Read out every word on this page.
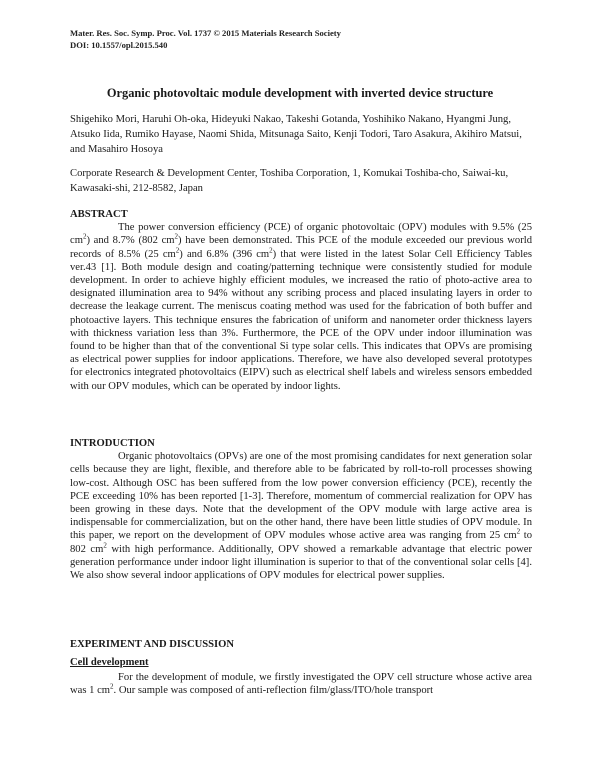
Mater. Res. Soc. Symp. Proc. Vol. 1737 © 2015 Materials Research Society
DOI: 10.1557/opl.2015.540
Organic photovoltaic module development with inverted device structure
Shigehiko Mori, Haruhi Oh-oka, Hideyuki Nakao, Takeshi Gotanda, Yoshihiko Nakano, Hyangmi Jung, Atsuko Iida, Rumiko Hayase, Naomi Shida, Mitsunaga Saito, Kenji Todori, Taro Asakura, Akihiro Matsui, and Masahiro Hosoya
Corporate Research & Development Center, Toshiba Corporation, 1, Komukai Toshiba-cho, Saiwai-ku, Kawasaki-shi, 212-8582, Japan
ABSTRACT
The power conversion efficiency (PCE) of organic photovoltaic (OPV) modules with 9.5% (25 $cm^2$) and 8.7% (802 $cm^2$) have been demonstrated. This PCE of the module exceeded our previous world records of 8.5% (25 $cm^2$) and 6.8% (396 $cm^2$) that were listed in the latest Solar Cell Efficiency Tables ver.43 [1]. Both module design and coating/patterning technique were consistently studied for module development. In order to achieve highly efficient modules, we increased the ratio of photo-active area to designated illumination area to 94% without any scribing process and placed insulating layers in order to decrease the leakage current. The meniscus coating method was used for the fabrication of both buffer and photoactive layers. This technique ensures the fabrication of uniform and nanometer order thickness layers with thickness variation less than 3%. Furthermore, the PCE of the OPV under indoor illumination was found to be higher than that of the conventional Si type solar cells. This indicates that OPVs are promising as electrical power supplies for indoor applications. Therefore, we have also developed several prototypes for electronics integrated photovoltaics (EIPV) such as electrical shelf labels and wireless sensors embedded with our OPV modules, which can be operated by indoor lights.
INTRODUCTION
Organic photovoltaics (OPVs) are one of the most promising candidates for next generation solar cells because they are light, flexible, and therefore able to be fabricated by roll-to-roll processes showing low-cost. Although OSC has been suffered from the low power conversion efficiency (PCE), recently the PCE exceeding 10% has been reported [1-3]. Therefore, momentum of commercial realization for OPV has been growing in these days. Note that the development of the OPV module with large active area is indispensable for commercialization, but on the other hand, there have been little studies of OPV module. In this paper, we report on the development of OPV modules whose active area was ranging from 25 $cm^2$ to 802 $cm^2$ with high performance. Additionally, OPV showed a remarkable advantage that electric power generation performance under indoor light illumination is superior to that of the conventional solar cells [4]. We also show several indoor applications of OPV modules for electrical power supplies.
EXPERIMENT AND DISCUSSION
Cell development
For the development of module, we firstly investigated the OPV cell structure whose active area was 1 $cm^2$. Our sample was composed of anti-reflection film/glass/ITO/hole transport
